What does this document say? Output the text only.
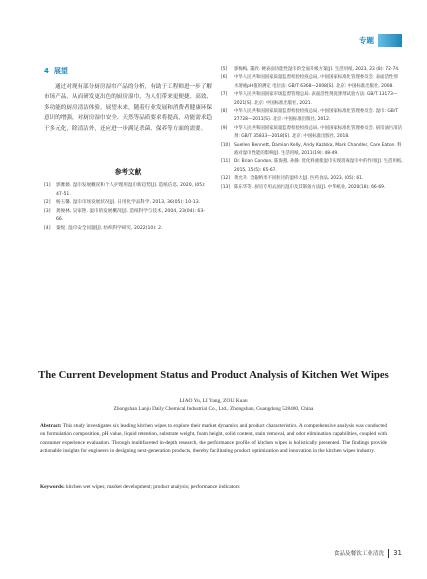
专题
4 展望
通过对现有部分厨房湿巾产品的分析，有助于工程师进一步了解市场产品，从而研发更出色的厨房湿巾，为人们带来更便捷、高效、多功能的厨房清洁体验。展望未来，随着行业发展和消费者健康环保意识的增强，对厨房湿巾安全、天然等品质要求将提高，功能需求趋于多元化，除清洁外，还应进一步满足杀菌、保养等方面的需要。
参考文献
[1]	郭雅薇. 湿巾发展概况和个人护理用湿巾新趋势[J]. 造纸信息, 2020, (05): 47-51.
[2]	杨玉馨. 湿巾市场发展状况[J]. 日用化学品科学, 2013, 36(05): 10-13.
[3]	龚俊林, 吴家艳. 湿巾的发展概况[J]. 造纸科学与技术, 2004, 23(04): 63-66.
[4]	秦悦. 湿巾安全问题[J]. 纺织科学研究, 2022(10): 2.
[5]	郭梅梅, 董欣. 硬表面功能性湿巾的全面升级方案[J]. 生活用纸, 2023, 23 (8): 72-74.
[6]	中华人民共和国国家质量监督检验检疫总局, 中国国家标准化管理委员会. 表面活性剂 水溶液pH值的测定 电位法: GB/T 6368—2008[S]. 北京: 中国标准出版社, 2008.
[7]	中华人民共和国国家市场监督管理总局. 表面活性剂洗涤剂试验方法: GB/T 13173—2021[S]. 北京: 中国标准出版社, 2021.
[8]	中华人民共和国国家质量监督检验检疫总局, 中国国家标准化管理委员会. 湿巾: GB/T 27728—2011[S]. 北京: 中国标准出版社, 2012.
[9]	中华人民共和国国家质量监督检验检疫总局, 中国国家标准化管理委员会. 厨房油污清洁剂: GB/T 35833—2018[S]. 北京: 中国标准出版社, 2018.
[10] Suellen Bennett, Damian Kelly, Andy Kazlska, Mark Chandler, Care Eaton. 料液对湿巾性能的影响[J]. 生活用纸, 2011(19): 48-49.
[11] Dr. Brian Condon, 陈海燕, 孙静. 优化料液使湿巾实现消毒湿巾中的作用[J]. 生活用纸, 2015, 15(5): 65-67.
[12] 黄允升. 含銀纳米不同粒径的湿疹大[J]. 医药食品, 2023, (05): 61.
[13] 陈东华等. 厨房专用去油污湿巾及其制备方法[J]. 中华纸业, 2020(18): 66-69.
The Current Development Status and Product Analysis of Kitchen Wet Wipes
LIAO Yu, LI Yang, ZOU Kuan
Zhongshan Lanju Daily Chemical Industrial Co., Ltd., Zhongshan, Guangdong 528400, China
Abstract: This study investigates six leading kitchen wipes to explore their market dynamics and product characteristics. A comprehensive analysis was conducted on formulation composition, pH value, liquid retention, substrate weight, foam height, solid content, stain removal, and odor elimination capabilities, coupled with consumer experience evaluation. Through multifaceted in-depth research, the performance profile of kitchen wipes is holistically presented. The findings provide actionable insights for engineers in designing next-generation products, thereby facilitating product optimization and innovation in the kitchen wipes industry.
Keywords: kitchen wet wipes; market development; product analysis; performance indicators
食品及餐饮工业清洗 31
